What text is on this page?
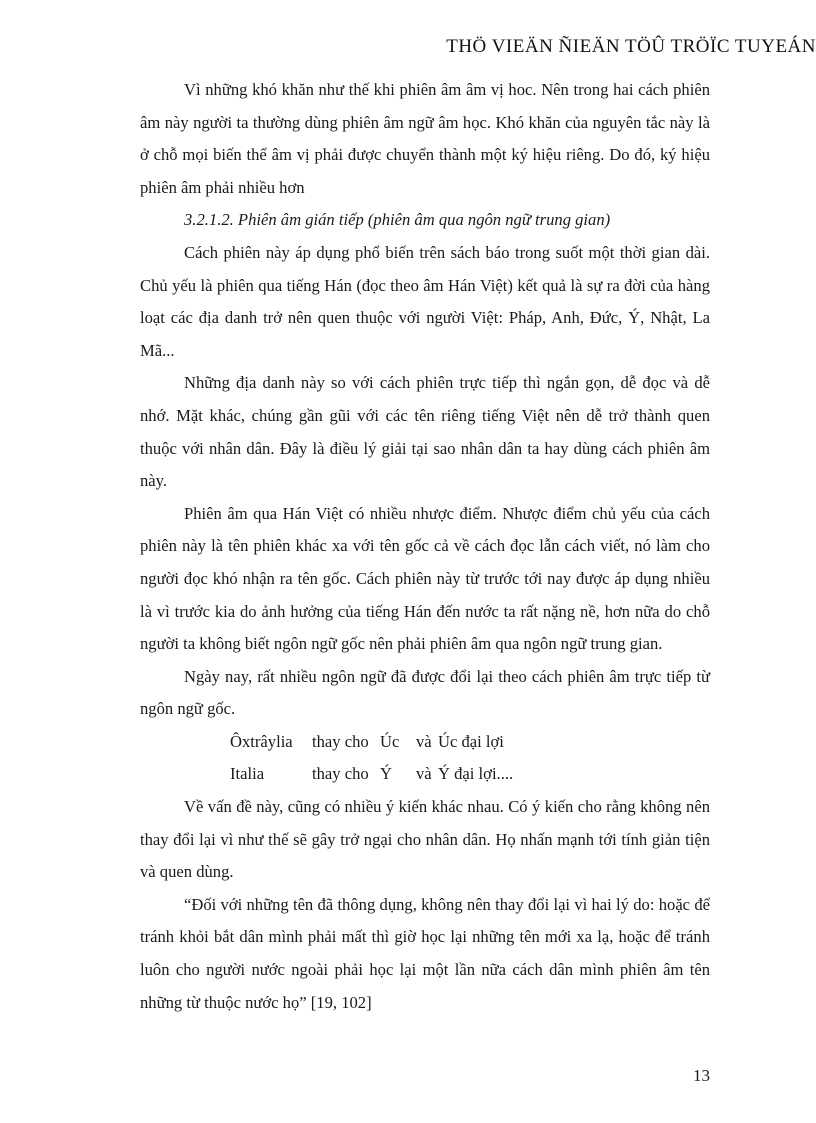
THÖ VIEÄN ÑIEÄN TÖÛ TRÖÏC TUYEÁN

Vì những khó khăn như thế khi phiên âm âm vị hoc. Nên trong hai cách phiên âm này người ta thường dùng phiên âm ngữ âm học. Khó khăn của nguyên tắc này là ở chỗ mọi biến thể âm vị phải được chuyển thành một ký hiệu riêng. Do đó, ký hiệu phiên âm phải nhiều hơn

3.2.1.2. Phiên âm gián tiếp (phiên âm qua ngôn ngữ trung gian)

Cách phiên này áp dụng phổ biến trên sách báo trong suốt một thời gian dài. Chủ yếu là phiên qua tiếng Hán (đọc theo âm Hán Việt) kết quả là sự ra đời của hàng loạt các địa danh trở nên quen thuộc với người Việt: Pháp, Anh, Đức, Ý, Nhật, La Mã...

Những địa danh này so với cách phiên trực tiếp thì ngắn gọn, dễ đọc và dễ nhớ. Mặt khác, chúng gần gũi với các tên riêng tiếng Việt nên dễ trở thành quen thuộc với nhân dân. Đây là điều lý giải tại sao nhân dân ta hay dùng cách phiên âm này.

Phiên âm qua Hán Việt có nhiều nhược điểm. Nhược điểm chủ yếu của cách phiên này là tên phiên khác xa với tên gốc cả về cách đọc lẫn cách viết, nó làm cho người đọc khó nhận ra tên gốc. Cách phiên này từ trước tới nay được áp dụng nhiều là vì trước kia do ảnh hưởng của tiếng Hán đến nước ta rất nặng nề, hơn nữa do chỗ người ta không biết ngôn ngữ gốc nên phải phiên âm qua ngôn ngữ trung gian.

Ngày nay, rất nhiều ngôn ngữ đã được đổi lại theo cách phiên âm trực tiếp từ ngôn ngữ gốc.

Ôxtrâylia	thay cho Úc	và Úc đại lợi
Italia	thay cho Ý	và Ý đại lợi....

Về vấn đề này, cũng có nhiều ý kiến khác nhau. Có ý kiến cho rằng không nên thay đổi lại vì như thế sẽ gây trở ngại cho nhân dân. Họ nhấn mạnh tới tính giản tiện và quen dùng.

“Đối với những tên đã thông dụng, không nên thay đổi lại vì hai lý do: hoặc để tránh khỏi bắt dân mình phải mất thì giờ học lại những tên mới xa lạ, hoặc để tránh luôn cho người nước ngoài phải học lại một lần nữa cách dân mình phiên âm tên những từ thuộc nước họ” [19, 102]

13
